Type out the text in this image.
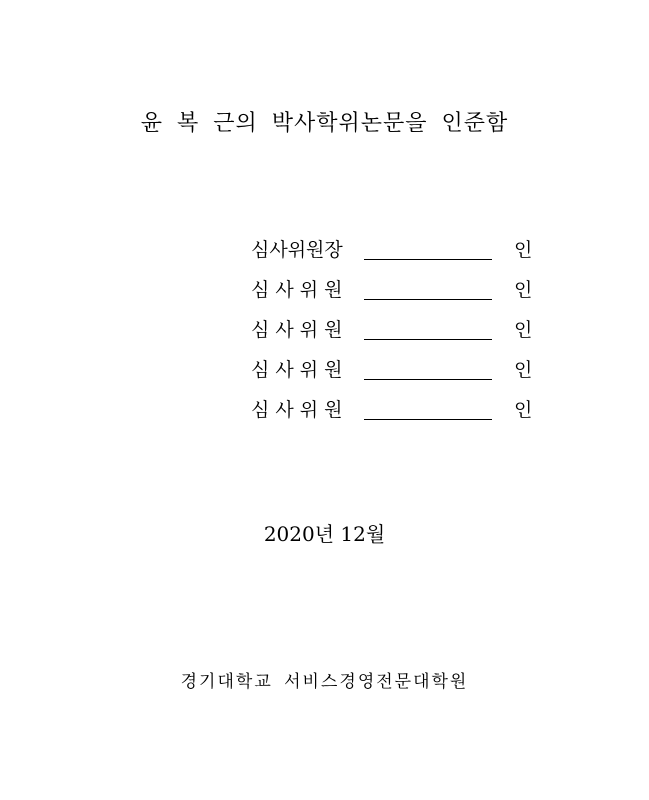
윤 복 근의 박사학위논문을 인준함
심사위원장	인
심 사 위 원	인
심 사 위 원	인
심 사 위 원	인
심 사 위 원	인
2020년 12월
경기대학교 서비스경영전문대학원
